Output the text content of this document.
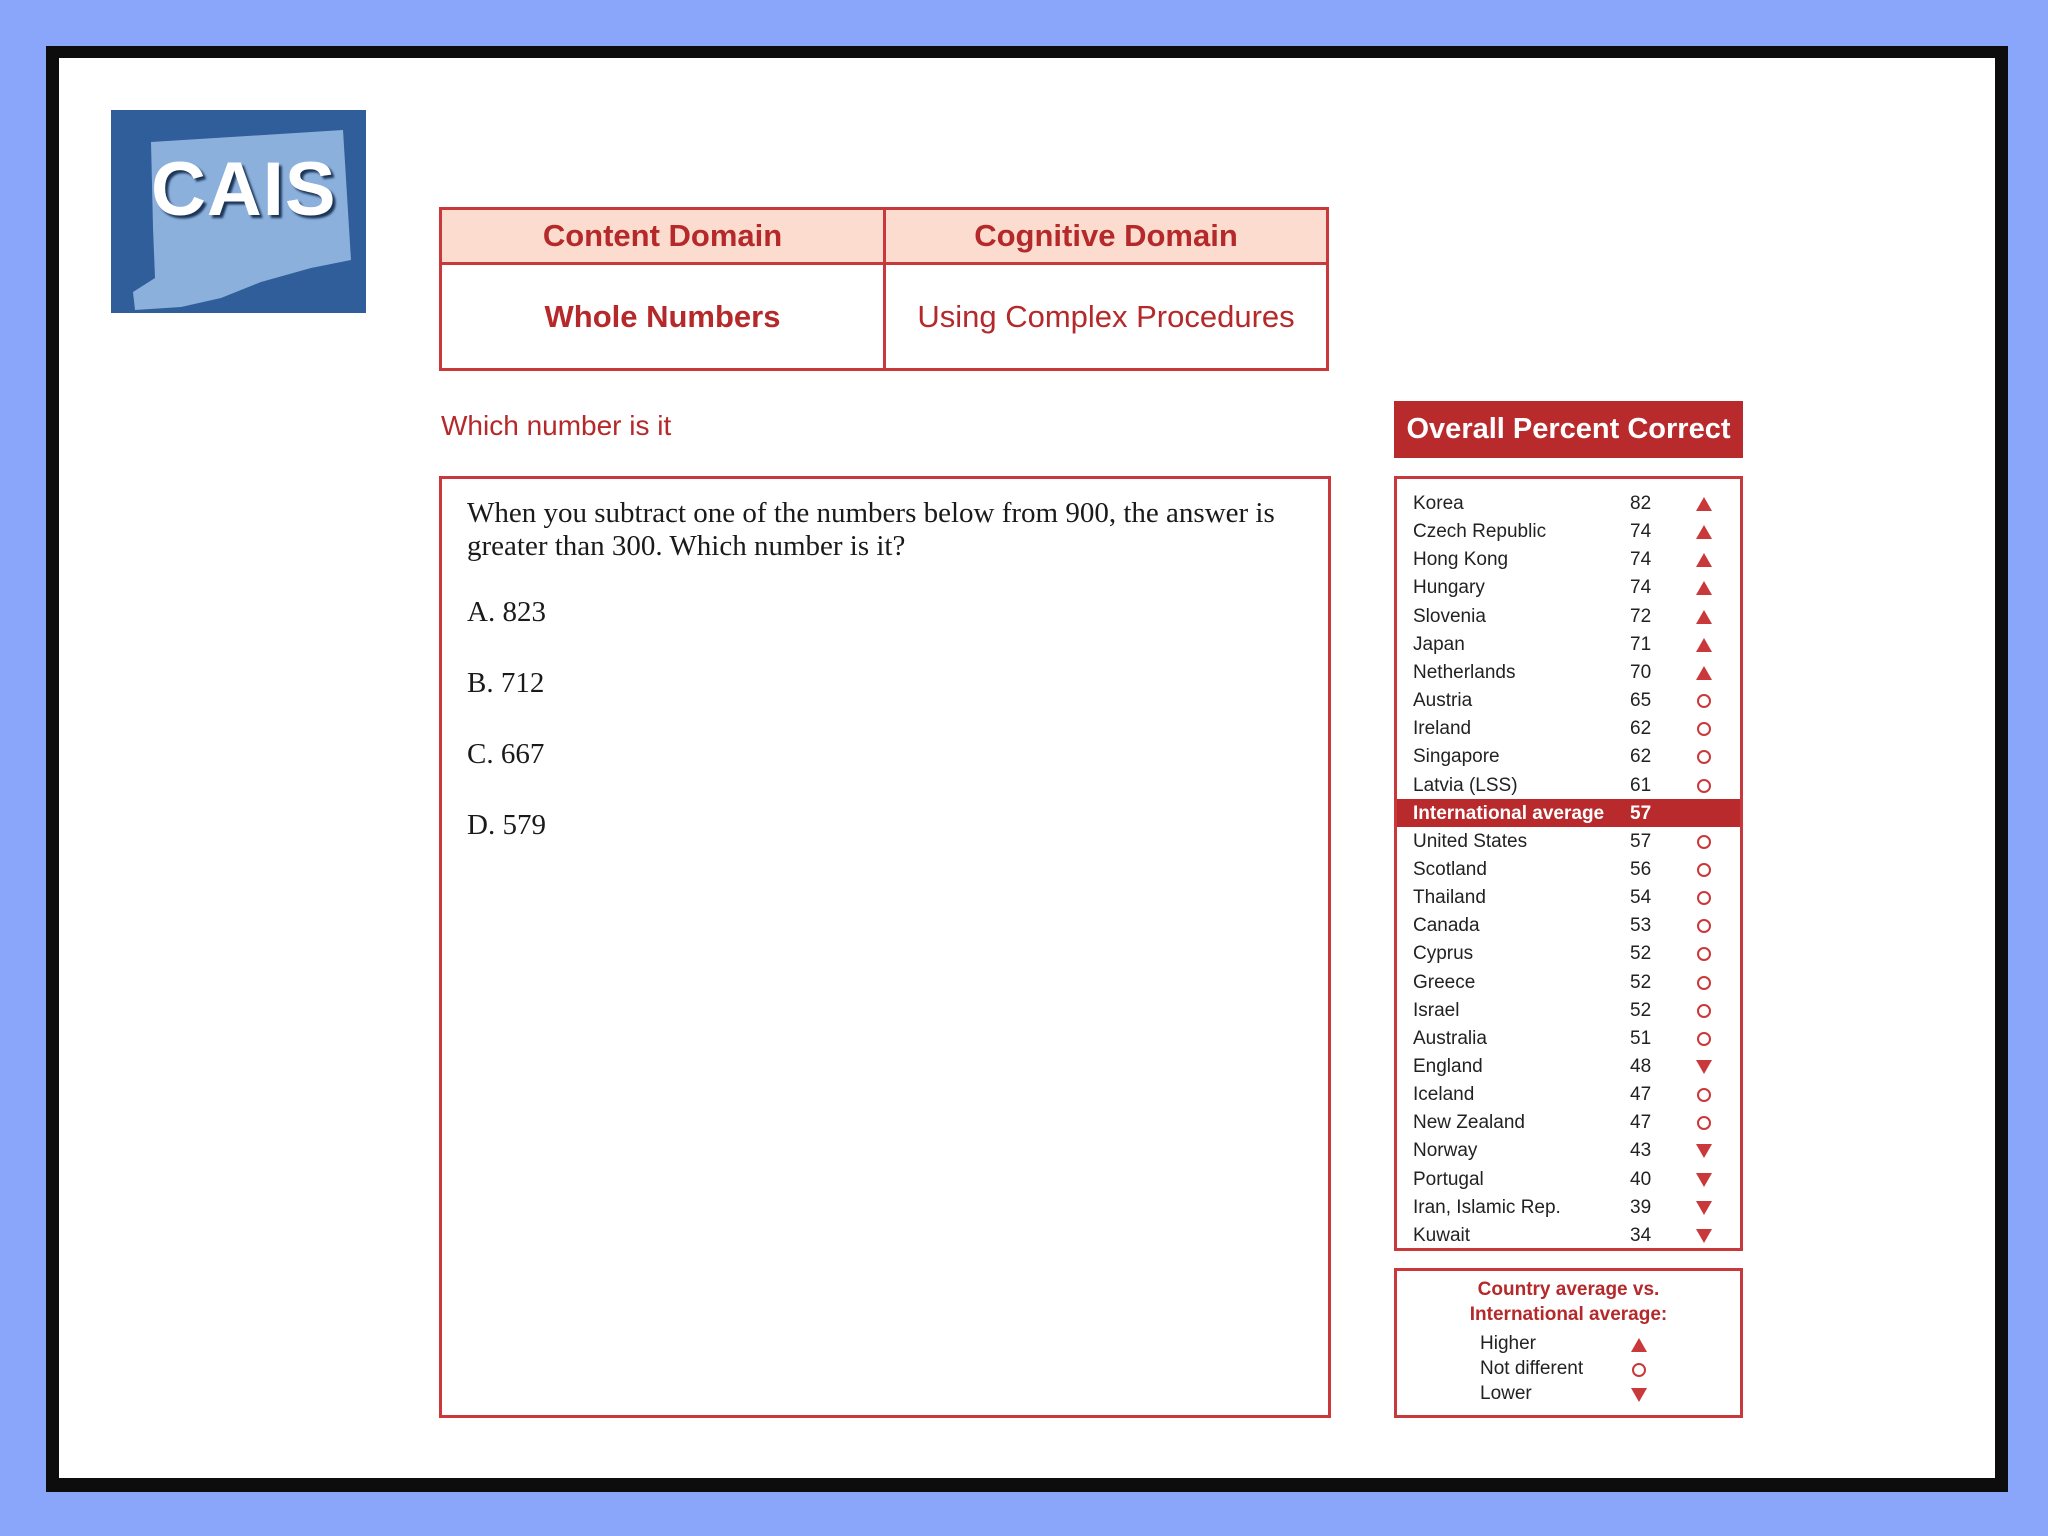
CAIS
Content Domain	Cognitive Domain
Whole Numbers	Using Complex Procedures
Which number is it
When you subtract one of the numbers below from 900, the answer is greater than 300. Which number is it?
A. 823
B. 712
C. 667
D. 579
Overall Percent Correct
Korea	82
Czech Republic	74
Hong Kong	74
Hungary	74
Slovenia	72
Japan	71
Netherlands	70
Austria	65
Ireland	62
Singapore	62
Latvia (LSS)	61
International average 57
United States	57
Scotland	56
Thailand	54
Canada	53
Cyprus	52
Greece	52
Israel	52
Australia	51
England	48
Iceland	47
New Zealand	47
Norway	43
Portugal	40
Iran, Islamic Rep.	39
Kuwait	34
Country average vs.
International average:
Higher
Not different
Lower
